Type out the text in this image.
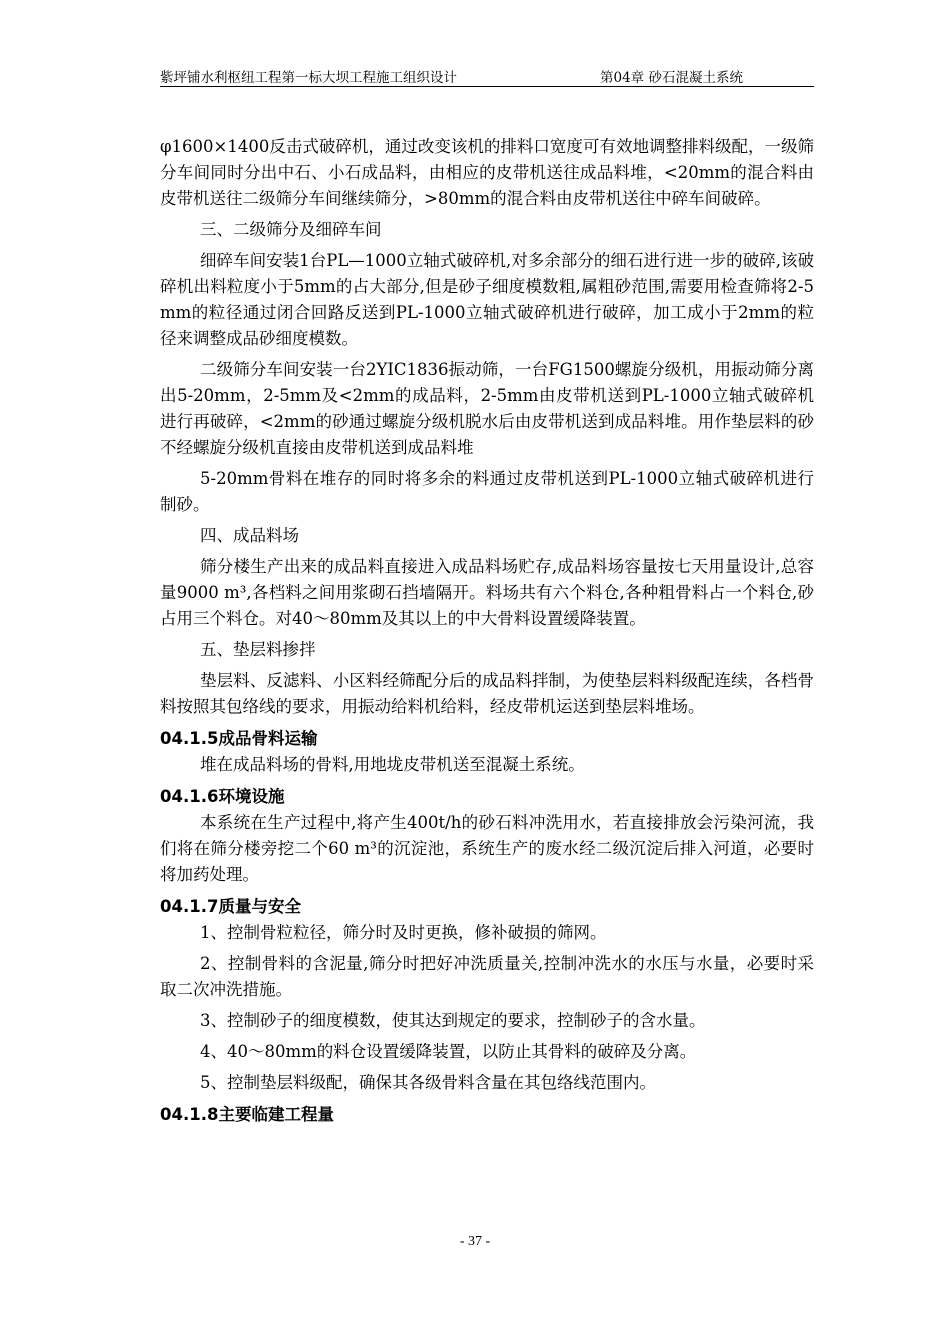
紫坪铺水利枢纽工程第一标大坝工程施工组织设计	第04章 砂石混凝土系统

φ1600×1400反击式破碎机，通过改变该机的排料口宽度可有效地调整排料级配，一级筛分车间同时分出中石、小石成品料，由相应的皮带机送往成品料堆，<20mm的混合料由皮带机送往二级筛分车间继续筛分，>80mm的混合料由皮带机送往中碎车间破碎。

三、二级筛分及细碎车间

细碎车间安装1台PL—1000立轴式破碎机,对多余部分的细石进行进一步的破碎,该破碎机出料粒度小于5mm的占大部分,但是砂子细度模数粗,属粗砂范围,需要用检查筛将2-5mm的粒径通过闭合回路反送到PL-1000立轴式破碎机进行破碎，加工成小于2mm的粒径来调整成品砂细度模数。

二级筛分车间安装一台2YIC1836振动筛，一台FG1500螺旋分级机，用振动筛分离出5-20mm，2-5mm及<2mm的成品料，2-5mm由皮带机送到PL-1000立轴式破碎机进行再破碎，<2mm的砂通过螺旋分级机脱水后由皮带机送到成品料堆。用作垫层料的砂不经螺旋分级机直接由皮带机送到成品料堆

5-20mm骨料在堆存的同时将多余的料通过皮带机送到PL-1000立轴式破碎机进行制砂。

四、成品料场

筛分楼生产出来的成品料直接进入成品料场贮存,成品料场容量按七天用量设计,总容量9000 m³,各档料之间用浆砌石挡墙隔开。料场共有六个料仓,各种粗骨料占一个料仓,砂占用三个料仓。对40～80mm及其以上的中大骨料设置缓降装置。

五、垫层料掺拌

垫层料、反滤料、小区料经筛配分后的成品料拌制，为使垫层料料级配连续，各档骨料按照其包络线的要求，用振动给料机给料，经皮带机运送到垫层料堆场。

04.1.5成品骨料运输

堆在成品料场的骨料,用地垅皮带机送至混凝土系统。

04.1.6环境设施

本系统在生产过程中,将产生400t/h的砂石料冲洗用水，若直接排放会污染河流，我们将在筛分楼旁挖二个60 m³的沉淀池，系统生产的废水经二级沉淀后排入河道，必要时将加药处理。

04.1.7质量与安全

1、控制骨粒粒径，筛分时及时更换，修补破损的筛网。

2、控制骨料的含泥量,筛分时把好冲洗质量关,控制冲洗水的水压与水量，必要时采取二次冲洗措施。

3、控制砂子的细度模数，使其达到规定的要求，控制砂子的含水量。

4、40～80mm的料仓设置缓降装置，以防止其骨料的破碎及分离。

5、控制垫层料级配，确保其各级骨料含量在其包络线范围内。

04.1.8主要临建工程量

- 37 -
